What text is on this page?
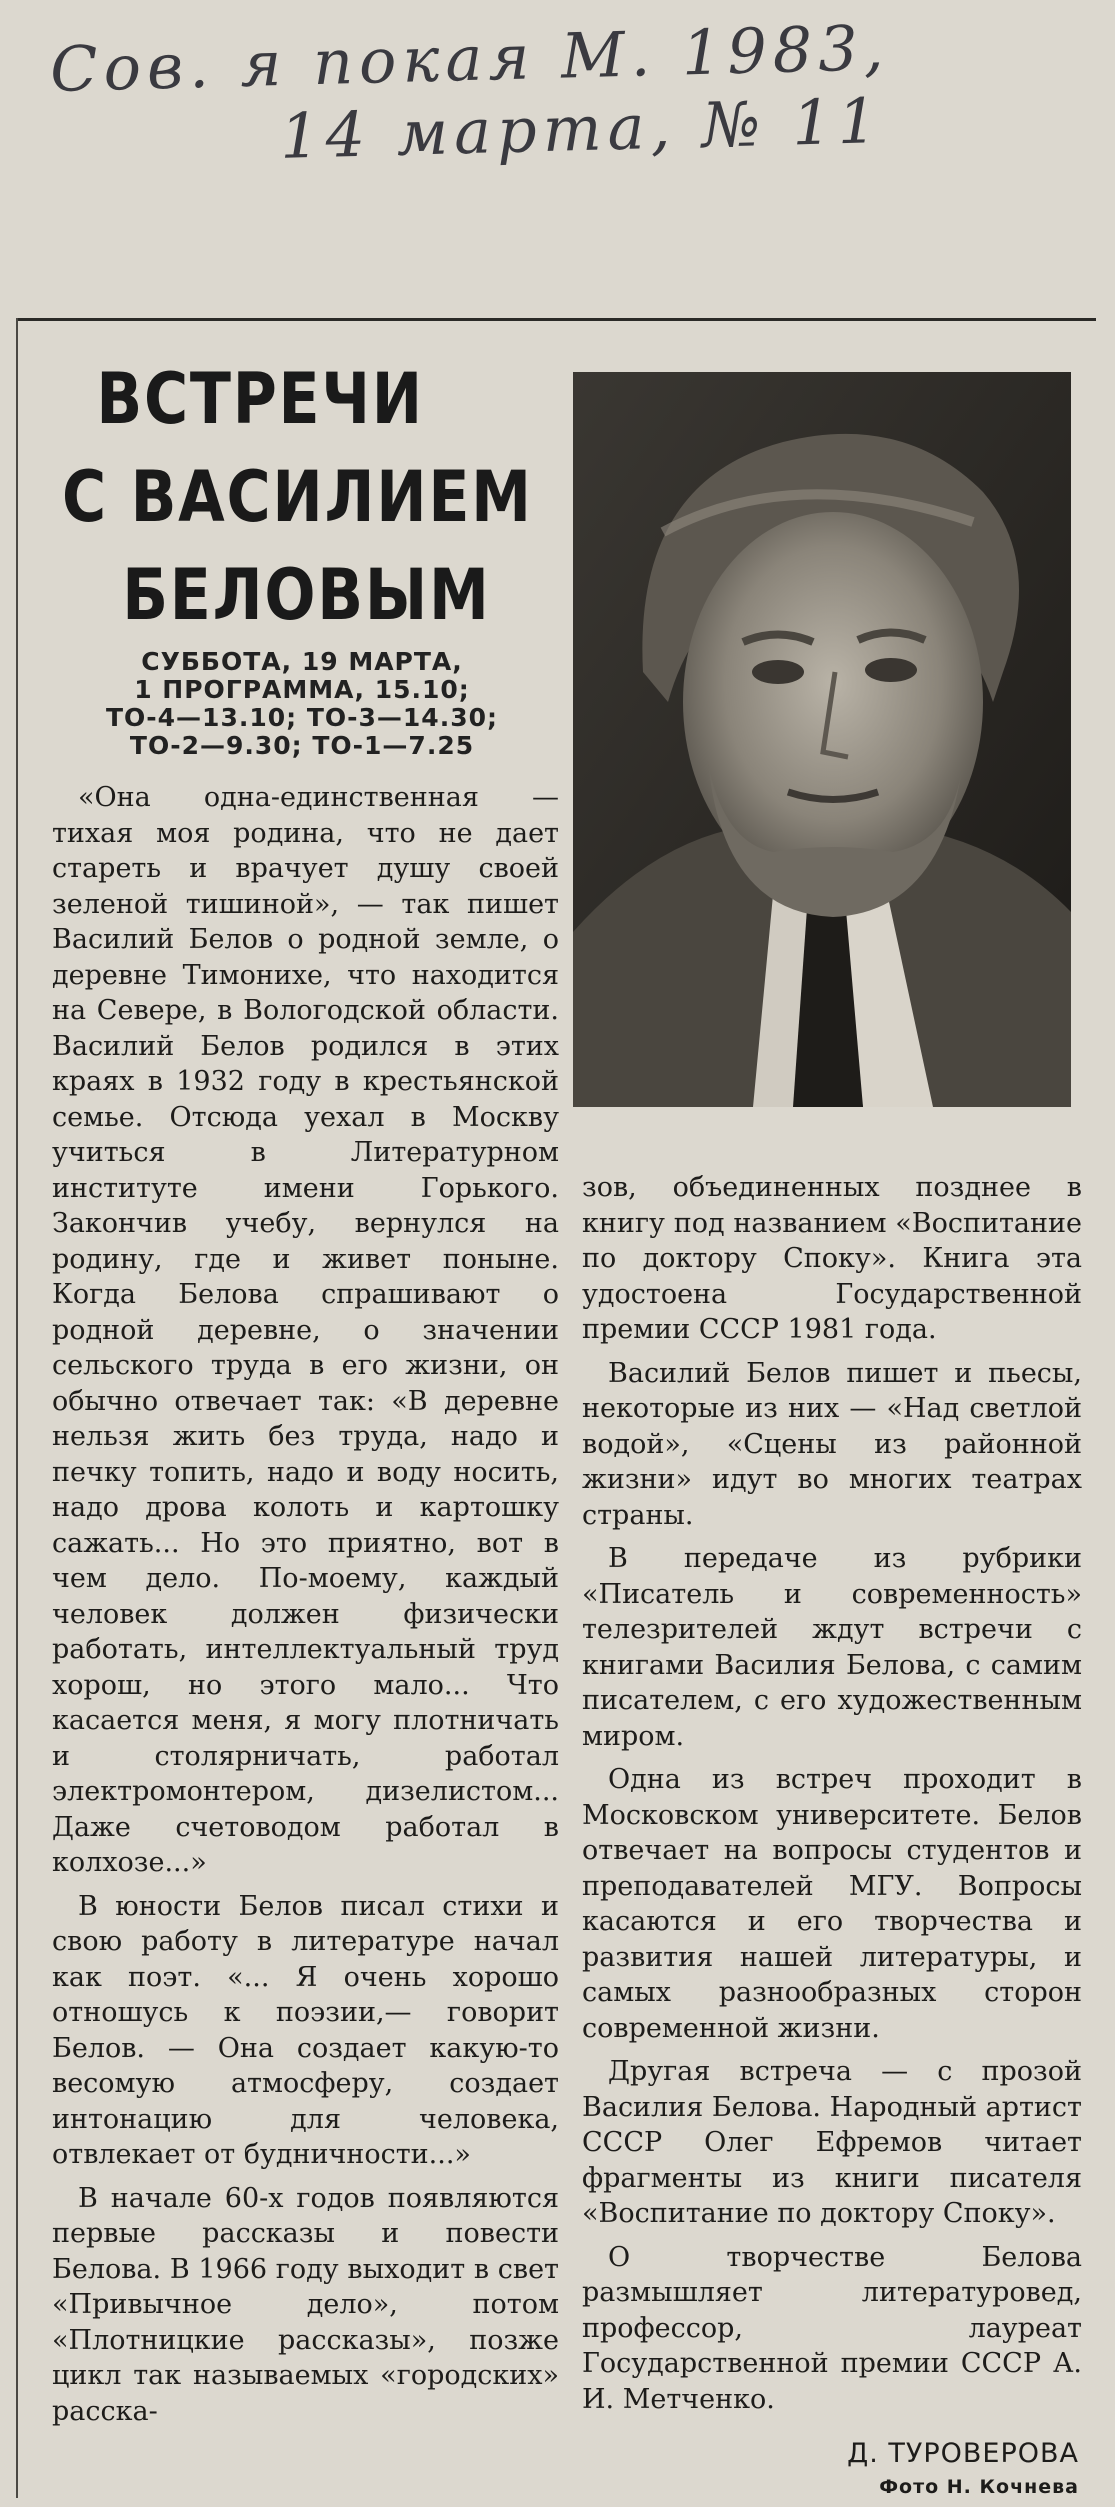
Сов. я покая М. 1983,

14 марта, № 11

ВСТРЕЧИ
С ВАСИЛИЕМ
БЕЛОВЫМ
СУББОТА, 19 МАРТА,
1 ПРОГРАММА, 15.10;
ТО-4—13.10; ТО-3—14.30;
ТО-2—9.30; ТО-1—7.25

«Она одна-единственная — тихая моя родина, что не дает стареть и врачует душу своей зеленой тишиной», — так пишет Василий Белов о родной земле, о деревне Тимонихе, что находится на Севере, в Вологодской области. Василий Белов родился в этих краях в 1932 году в крестьянской семье. Отсюда уехал в Москву учиться в Литературном институте имени Горького. Закончив учебу, вернулся на родину, где и живет поныне. Когда Белова спрашивают о родной деревне, о значении сельского труда в его жизни, он обычно отвечает так: «В деревне нельзя жить без труда, надо и печку топить, надо и воду носить, надо дрова колоть и картошку сажать... Но это приятно, вот в чем дело. По-моему, каждый человек должен физически работать, интеллектуальный труд хорош, но этого мало... Что касается меня, я могу плотничать и столярничать, работал электромонтером, дизелистом... Даже счетоводом работал в колхозе...»

В юности Белов писал стихи и свою работу в литературе начал как поэт. «... Я очень хорошо отношусь к поэзии,— говорит Белов. — Она создает какую-то весомую атмосферу, создает интонацию для человека, отвлекает от будничности...»

В начале 60-х годов появляются первые рассказы и повести Белова. В 1966 году выходит в свет «Привычное дело», потом «Плотницкие рассказы», позже цикл так называемых «городских» расска-

зов, объединенных позднее в книгу под названием «Воспитание по доктору Споку». Книга эта удостоена Государственной премии СССР 1981 года.

Василий Белов пишет и пьесы, некоторые из них — «Над светлой водой», «Сцены из районной жизни» идут во многих театрах страны.

В передаче из рубрики «Писатель и современность» телезрителей ждут встречи с книгами Василия Белова, с самим писателем, с его художественным миром.

Одна из встреч проходит в Московском университете. Белов отвечает на вопросы студентов и преподавателей МГУ. Вопросы касаются и его творчества и развития нашей литературы, и самых разнообразных сторон современной жизни.

Другая встреча — с прозой Василия Белова. Народный артист СССР Олег Ефремов читает фрагменты из книги писателя «Воспитание по доктору Споку».

О творчестве Белова размышляет литературовед, профессор, лауреат Государственной премии СССР А. И. Метченко.

Д. ТУРОВЕРОВА
Фото Н. Кочнева
